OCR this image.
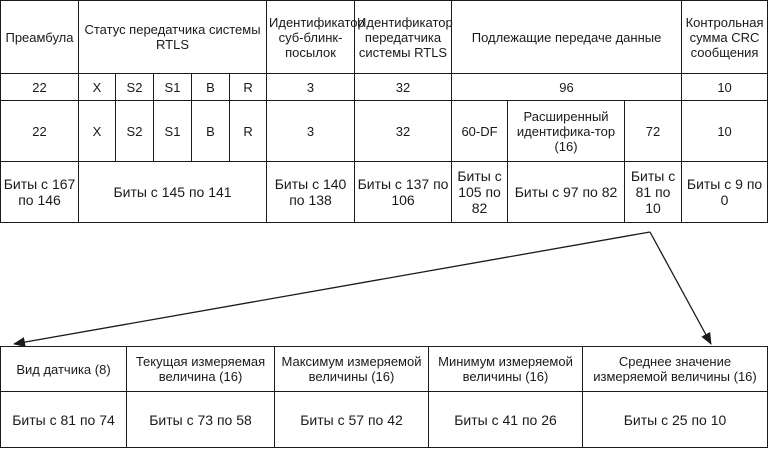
Преамбула	Статус передатчика системы RTLS					Идентификатор суб-блинк-посылок	Идентификатор передатчика системы RTLS	Подлежащие передаче данные			Контрольная сумма CRC сообщения
22	X	S2	S1	B	R	3	32	96			10
22	X	S2	S1	B	R	3	32	60-DF	Расширенный идентифика-тор (16)	72	10
Биты с 167 по 146	Биты с 145 по 141					Биты с 140 по 138	Биты с 137 по 106	Биты с 105 по 82	Биты с 97 по 82	Биты с 81 по 10	Биты с 9 по 0
Вид датчика (8)	Текущая измеряемая величина (16)	Максимум измеряемой величины (16)	Минимум измеряемой величины (16)	Среднее значение измеряемой величины (16)
Биты с 81 по 74	Биты с 73 по 58	Биты с 57 по 42	Биты с 41 по 26	Биты с 25 по 10
